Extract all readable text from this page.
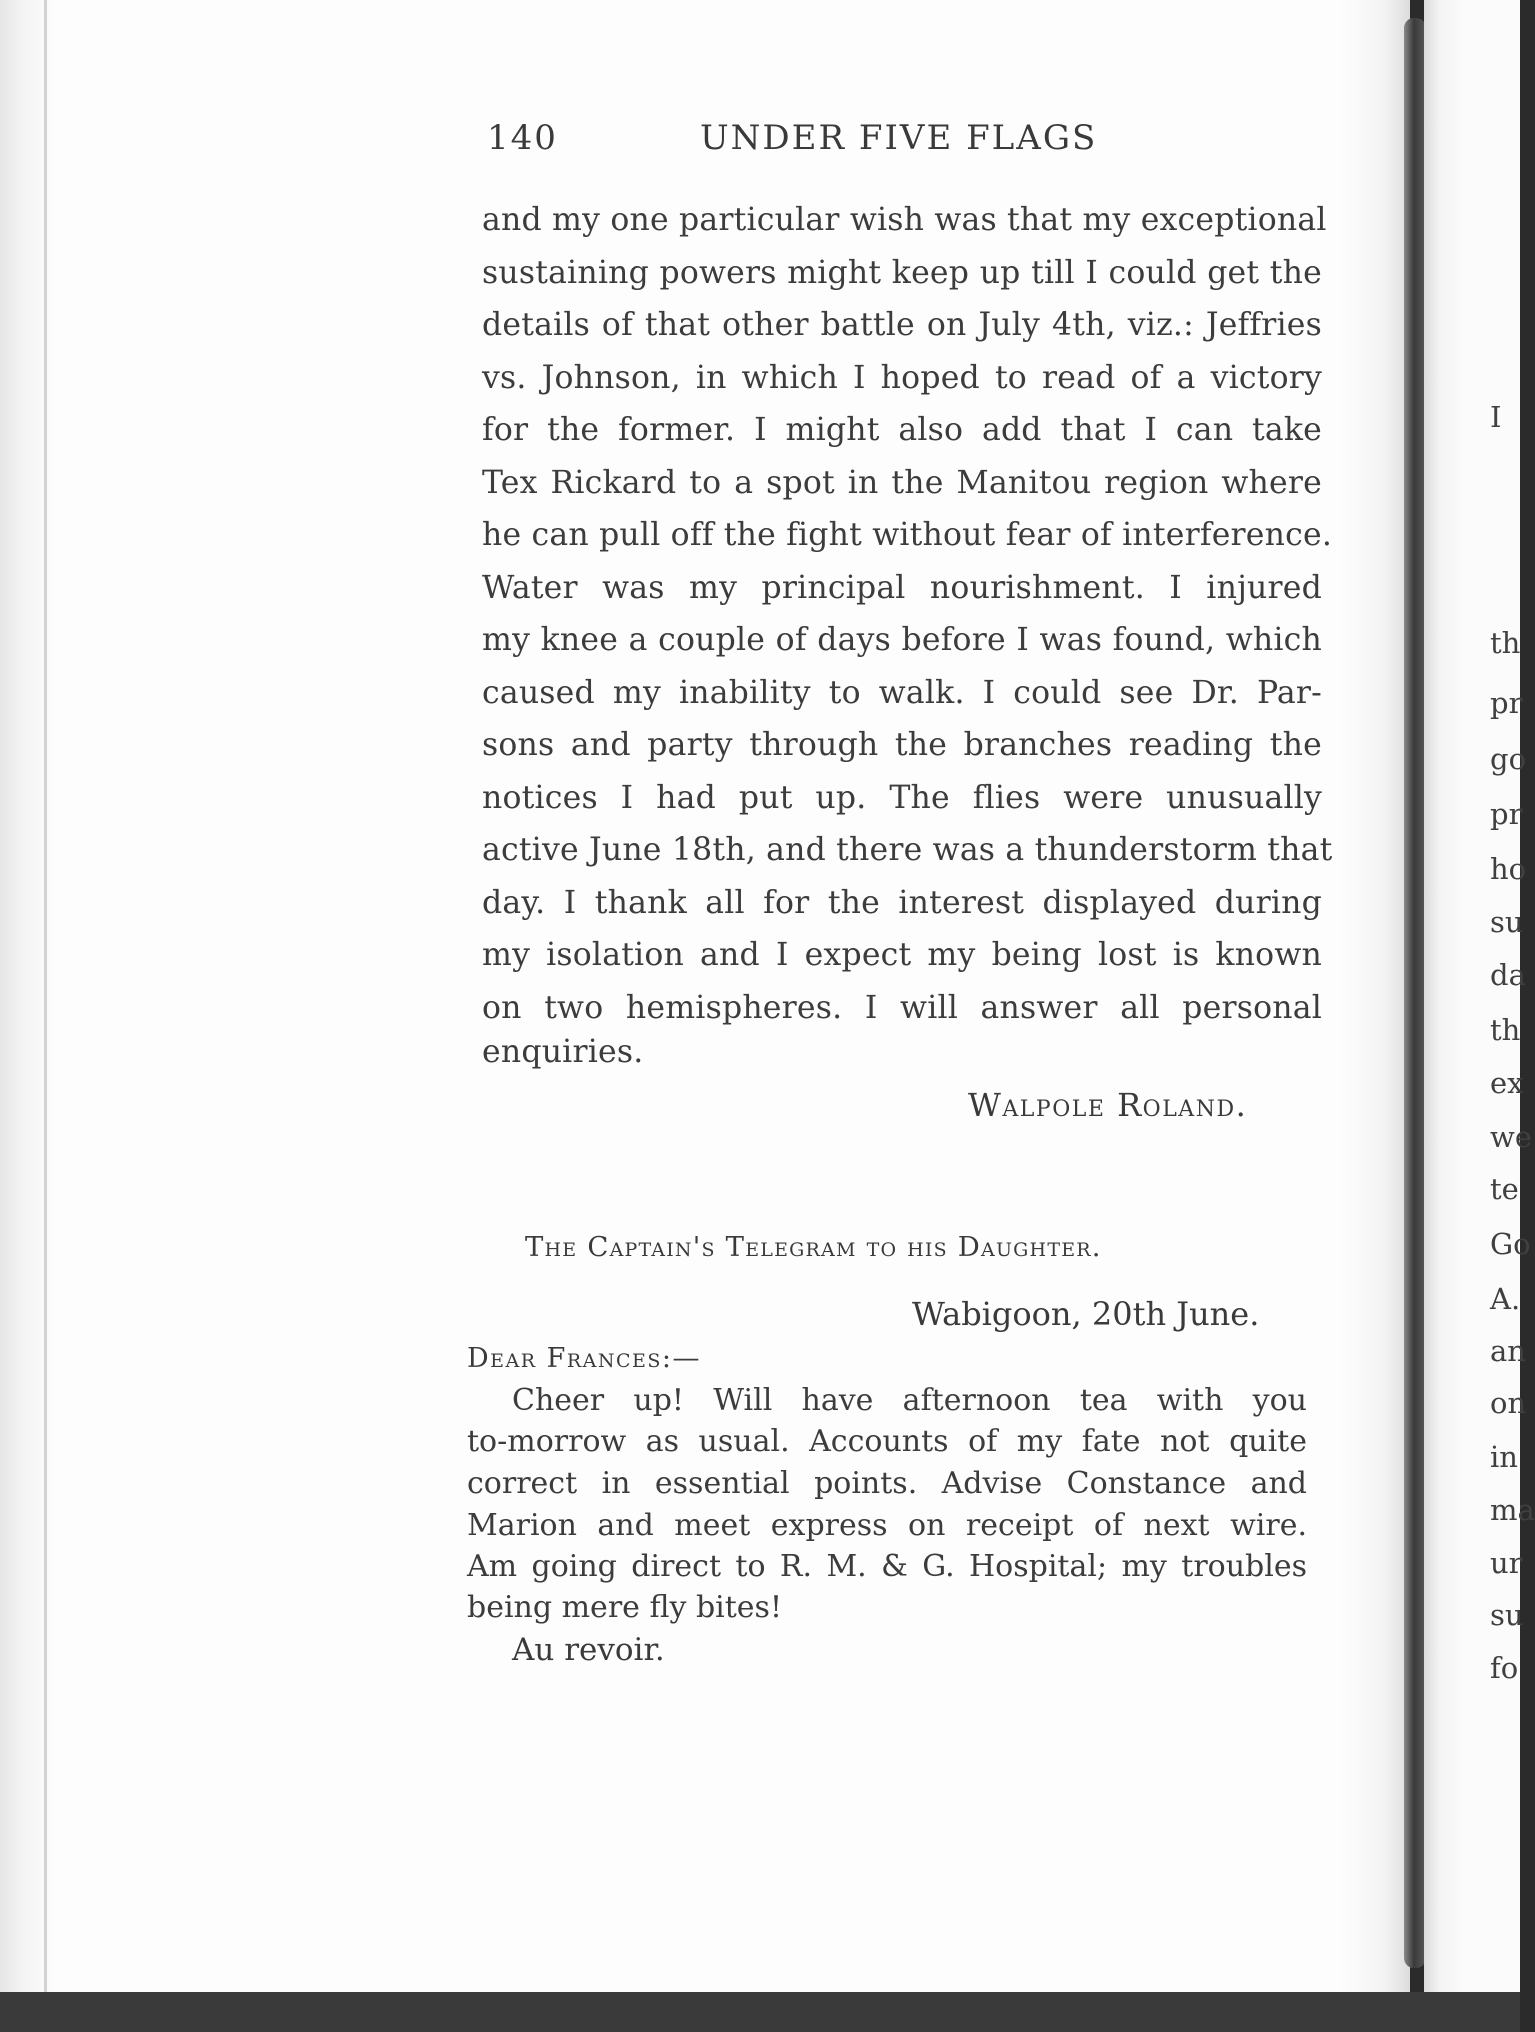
140	UNDER FIVE FLAGS
and my one particular wish was that my exceptional
sustaining powers might keep up till I could get the
details of that other battle on July 4th, viz.: Jeffries
vs. Johnson, in which I hoped to read of a victory
for the former. I might also add that I can take
Tex Rickard to a spot in the Manitou region where
he can pull off the fight without fear of interference.
Water was my principal nourishment. I injured
my knee a couple of days before I was found, which
caused my inability to walk. I could see Dr. Par-
sons and party through the branches reading the
notices I had put up. The flies were unusually
active June 18th, and there was a thunderstorm that
day. I thank all for the interest displayed during
my isolation and I expect my being lost is known
on two hemispheres. I will answer all personal
enquiries.
Walpole Roland.
The Captain's Telegram to his Daughter.
Wabigoon, 20th June.
Dear Frances:—
Cheer up! Will have afternoon tea with you
to-morrow as usual. Accounts of my fate not quite
correct in essential points. Advise Constance and
Marion and meet express on receipt of next wire.
Am going direct to R. M. & G. Hospital; my troubles
being mere fly bites!
Au revoir.
I
th
pr
go
pr
ho
su
da
th
ex
we
te
Go
A.
an
on
in
ma
ur
su
fo
